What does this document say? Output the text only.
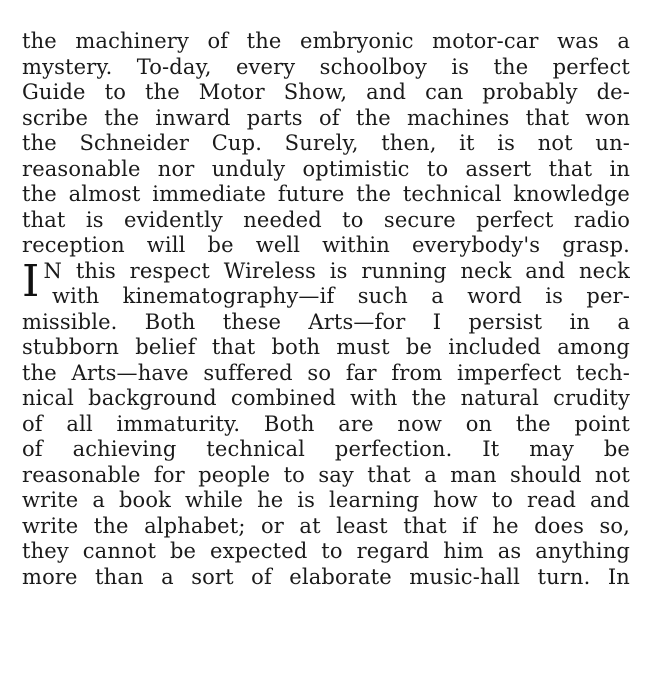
the machinery of the embryonic motor-car was a
mystery. To-day, every schoolboy is the perfect
Guide to the Motor Show, and can probably de-
scribe the inward parts of the machines that won
the Schneider Cup. Surely, then, it is not un-
reasonable nor unduly optimistic to assert that in
the almost immediate future the technical knowledge
that is evidently needed to secure perfect radio
reception will be well within everybody's grasp.
I N this respect Wireless is running neck and neck
with kinematography—if such a word is per-
missible. Both these Arts—for I persist in a
stubborn belief that both must be included among
the Arts—have suffered so far from imperfect tech-
nical background combined with the natural crudity
of all immaturity. Both are now on the point
of achieving technical perfection. It may be
reasonable for people to say that a man should not
write a book while he is learning how to read and
write the alphabet; or at least that if he does so,
they cannot be expected to regard him as anything
more than a sort of elaborate music-hall turn. In
